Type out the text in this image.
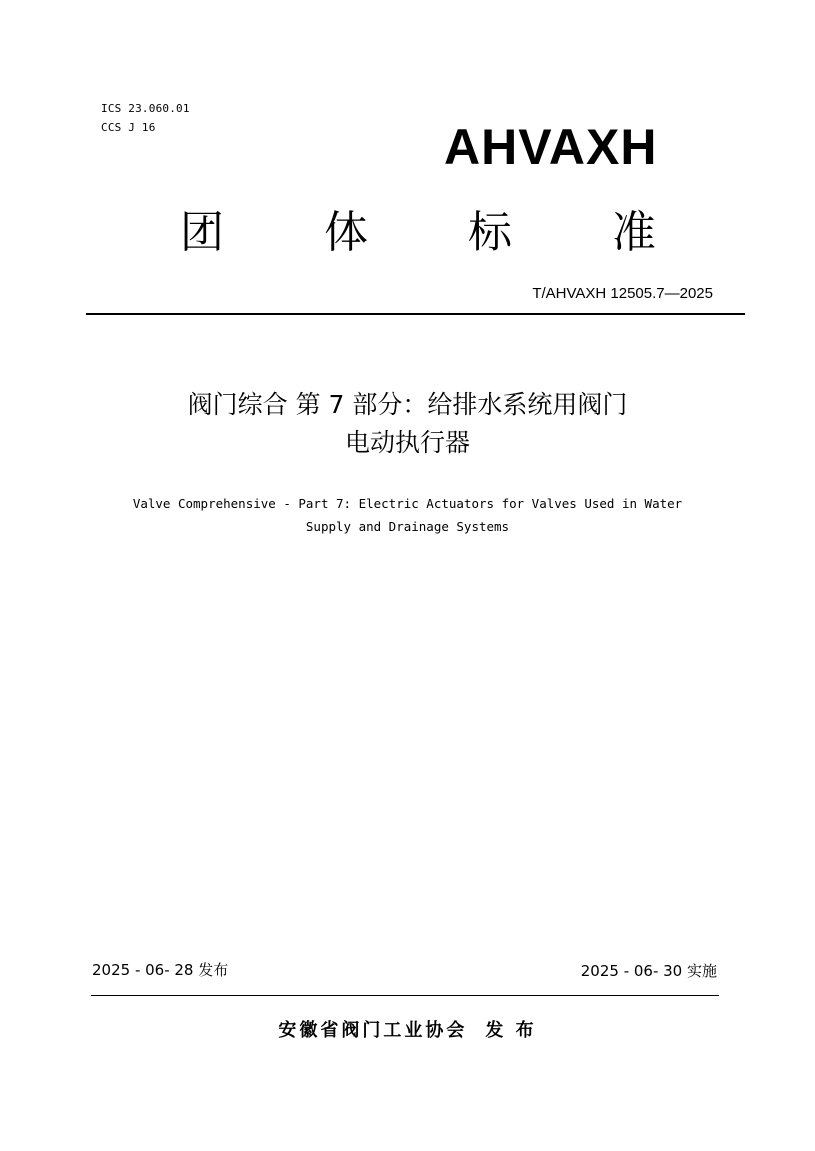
ICS 23.060.01
CCS J 16	AHVAXH
团	体	标	准
T/AHVAXH 12505.7—2025
阀门综合 第 7 部分：给排水系统用阀门
电动执行器
Valve Comprehensive - Part 7: Electric Actuators for Valves Used in Water
Supply and Drainage Systems
2025 - 06- 28 发布	2025 - 06- 30 实施
安徽省阀门工业协会 发 布
